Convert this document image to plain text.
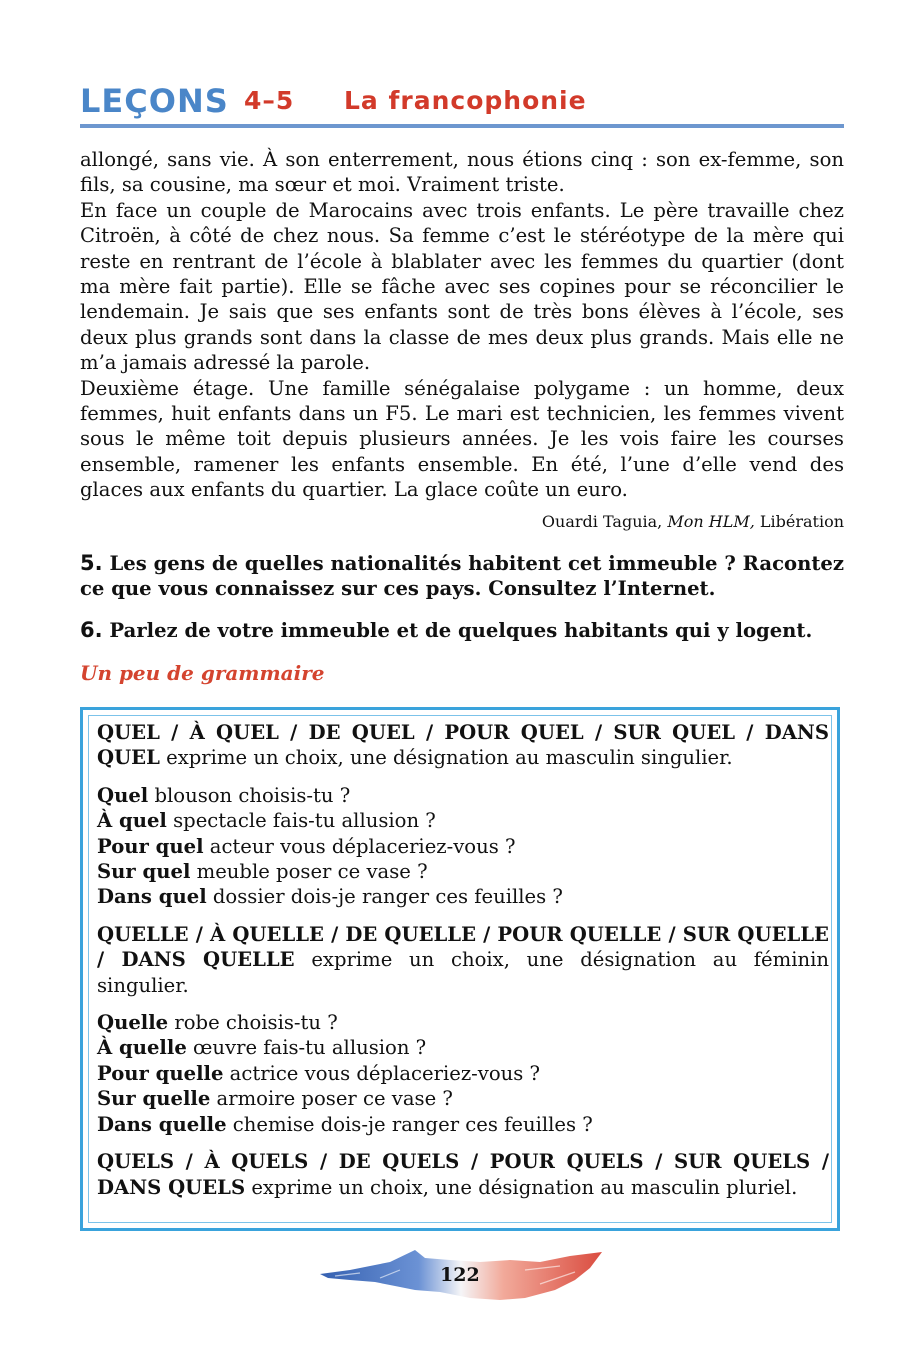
LEÇONS 4–5 La francophonie

allongé, sans vie. À son enterrement, nous étions cinq : son ex-femme, son fils, sa cousine, ma sœur et moi. Vraiment triste.

En face un couple de Marocains avec trois enfants. Le père travaille chez Citroën, à côté de chez nous. Sa femme c’est le stéréotype de la mère qui reste en rentrant de l’école à blablater avec les femmes du quartier (dont ma mère fait partie). Elle se fâche avec ses copines pour se réconcilier le lendemain. Je sais que ses enfants sont de très bons élèves à l’école, ses deux plus grands sont dans la classe de mes deux plus grands. Mais elle ne m’a jamais adressé la parole.

Deuxième étage. Une famille sénégalaise polygame : un homme, deux femmes, huit enfants dans un F5. Le mari est technicien, les femmes vivent sous le même toit depuis plusieurs années. Je les vois faire les courses ensemble, ramener les enfants ensemble. En été, l’une d’elle vend des glaces aux enfants du quartier. La glace coûte un euro.

Ouardi Taguia, Mon HLM, Libération
5. Les gens de quelles nationalités habitent cet immeuble ? Racontez ce que vous connaissez sur ces pays. Consultez l’Internet.
6. Parlez de votre immeuble et de quelques habitants qui y logent.
Un peu de grammaire

QUEL / À QUEL / DE QUEL / POUR QUEL / SUR QUEL / DANS QUEL exprime un choix, une désignation au masculin singulier.

Quel blouson choisis-tu ?
À quel spectacle fais-tu allusion ?
Pour quel acteur vous déplaceriez-vous ?
Sur quel meuble poser ce vase ?
Dans quel dossier dois-je ranger ces feuilles ?

QUELLE / À QUELLE / DE QUELLE / POUR QUELLE / SUR QUELLE / DANS QUELLE exprime un choix, une désignation au féminin singulier.

Quelle robe choisis-tu ?
À quelle œuvre fais-tu allusion ?
Pour quelle actrice vous déplaceriez-vous ?
Sur quelle armoire poser ce vase ?
Dans quelle chemise dois-je ranger ces feuilles ?

QUELS / À QUELS / DE QUELS / POUR QUELS / SUR QUELS / DANS QUELS exprime un choix, une désignation au masculin pluriel.

122
